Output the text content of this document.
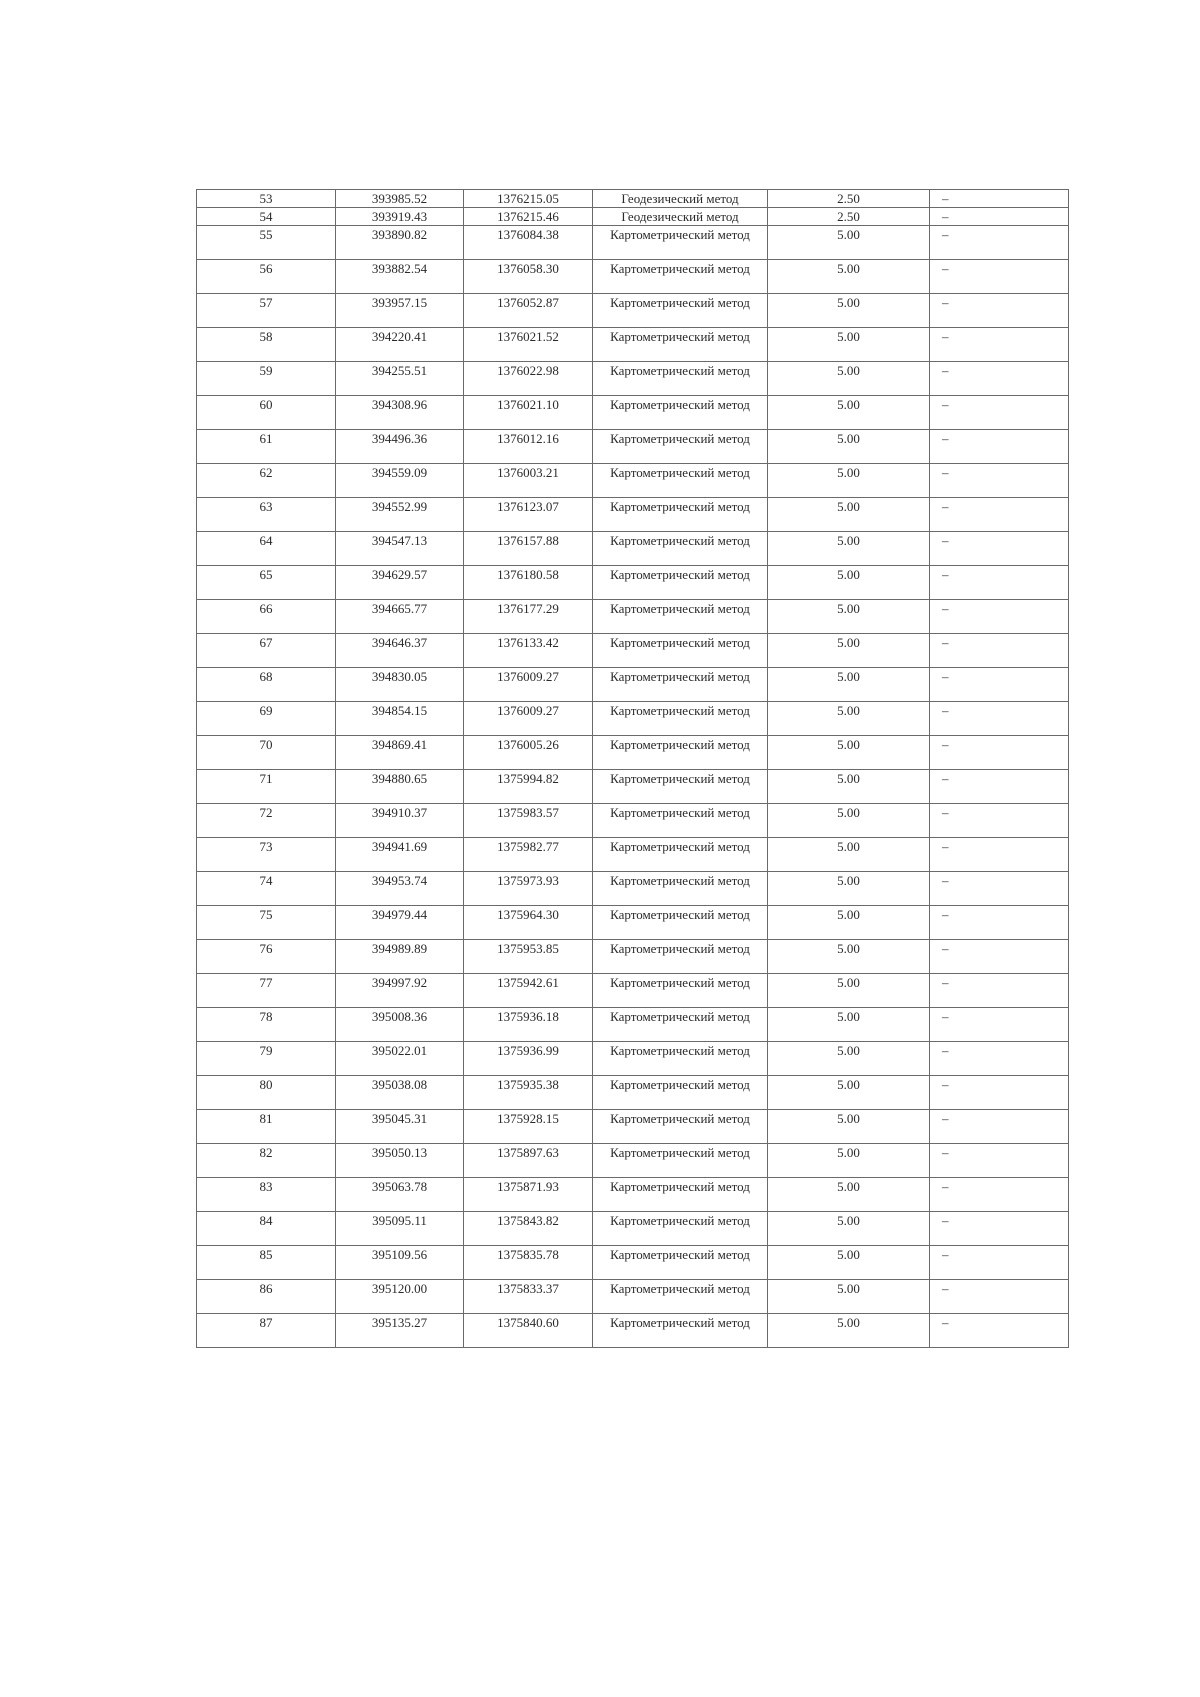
53	393985.52	1376215.05	Геодезический метод	2.50	–
54	393919.43	1376215.46	Геодезический метод	2.50	–
55	393890.82	1376084.38	Картометрический метод	5.00	–
56	393882.54	1376058.30	Картометрический метод	5.00	–
57	393957.15	1376052.87	Картометрический метод	5.00	–
58	394220.41	1376021.52	Картометрический метод	5.00	–
59	394255.51	1376022.98	Картометрический метод	5.00	–
60	394308.96	1376021.10	Картометрический метод	5.00	–
61	394496.36	1376012.16	Картометрический метод	5.00	–
62	394559.09	1376003.21	Картометрический метод	5.00	–
63	394552.99	1376123.07	Картометрический метод	5.00	–
64	394547.13	1376157.88	Картометрический метод	5.00	–
65	394629.57	1376180.58	Картометрический метод	5.00	–
66	394665.77	1376177.29	Картометрический метод	5.00	–
67	394646.37	1376133.42	Картометрический метод	5.00	–
68	394830.05	1376009.27	Картометрический метод	5.00	–
69	394854.15	1376009.27	Картометрический метод	5.00	–
70	394869.41	1376005.26	Картометрический метод	5.00	–
71	394880.65	1375994.82	Картометрический метод	5.00	–
72	394910.37	1375983.57	Картометрический метод	5.00	–
73	394941.69	1375982.77	Картометрический метод	5.00	–
74	394953.74	1375973.93	Картометрический метод	5.00	–
75	394979.44	1375964.30	Картометрический метод	5.00	–
76	394989.89	1375953.85	Картометрический метод	5.00	–
77	394997.92	1375942.61	Картометрический метод	5.00	–
78	395008.36	1375936.18	Картометрический метод	5.00	–
79	395022.01	1375936.99	Картометрический метод	5.00	–
80	395038.08	1375935.38	Картометрический метод	5.00	–
81	395045.31	1375928.15	Картометрический метод	5.00	–
82	395050.13	1375897.63	Картометрический метод	5.00	–
83	395063.78	1375871.93	Картометрический метод	5.00	–
84	395095.11	1375843.82	Картометрический метод	5.00	–
85	395109.56	1375835.78	Картометрический метод	5.00	–
86	395120.00	1375833.37	Картометрический метод	5.00	–
87	395135.27	1375840.60	Картометрический метод	5.00	–
